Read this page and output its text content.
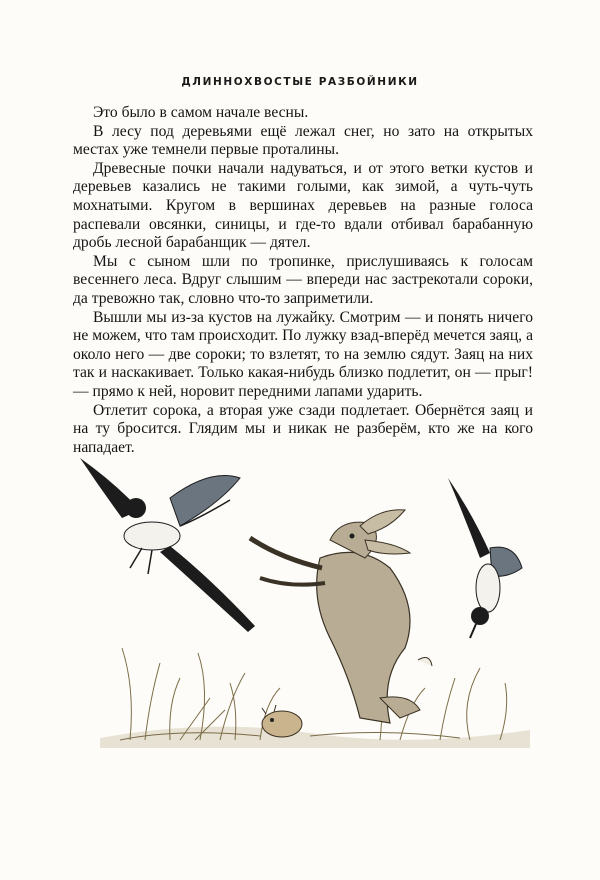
ДЛИННОХВОСТЫЕ РАЗБОЙНИКИ

Это было в самом начале весны.

В лесу под деревьями ещё лежал снег, но зато на открытых местах уже темнели первые проталины.

Древесные почки начали надуваться, и от этого ветки кустов и деревьев казались не такими голыми, как зимой, а чуть-чуть мохнатыми. Кругом в вершинах деревьев на разные голоса распевали овсянки, синицы, и где-то вдали отбивал барабанную дробь лесной барабанщик — дятел.

Мы с сыном шли по тропинке, прислушиваясь к голосам весеннего леса. Вдруг слышим — впереди нас застрекотали сороки, да тревожно так, словно что-то заприметили.

Вышли мы из-за кустов на лужайку. Смотрим — и понять ничего не можем, что там происходит. По лужку взад-вперёд мечется заяц, а около него — две сороки; то взлетят, то на землю сядут. Заяц на них так и наскакивает. Только какая-нибудь близко подлетит, он — прыг! — прямо к ней, норовит передними лапами ударить.

Отлетит сорока, а вторая уже сзади подлетает. Обернётся заяц и на ту бросится. Глядим мы и никак не разберём, кто же на кого нападает.
